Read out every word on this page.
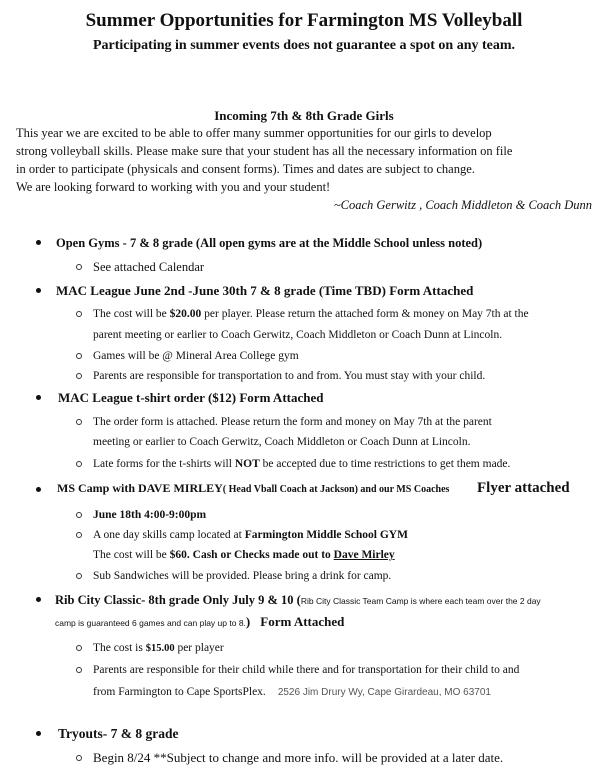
Summer Opportunities for Farmington MS Volleyball
Participating in summer events does not guarantee a spot on any team.
Incoming 7th & 8th Grade Girls
This year we are excited to be able to offer many summer opportunities for our girls to develop
strong volleyball skills. Please make sure that your student has all the necessary information on file
in order to participate (physicals and consent forms). Times and dates are subject to change.
We are looking forward to working with you and your student!
~Coach Gerwitz , Coach Middleton & Coach Dunn
Open Gyms - 7 & 8 grade (All open gyms are at the Middle School unless noted)
See attached Calendar
MAC League June 2nd -June 30th 7 & 8 grade (Time TBD) Form Attached
The cost will be $20.00 per player. Please return the attached form & money on May 7th at the
parent meeting or earlier to Coach Gerwitz, Coach Middleton or Coach Dunn at Lincoln.
Games will be @ Mineral Area College gym
Parents are responsible for transportation to and from. You must stay with your child.
MAC League t-shirt order ($12) Form Attached
The order form is attached. Please return the form and money on May 7th at the parent
meeting or earlier to Coach Gerwitz, Coach Middleton or Coach Dunn at Lincoln.
Late forms for the t-shirts will NOT be accepted due to time restrictions to get them made.
MS Camp with DAVE MIRLEY( Head Vball Coach at Jackson) and our MS Coaches Flyer attached
June 18th 4:00-9:00pm
A one day skills camp located at Farmington Middle School GYM
The cost will be $60. Cash or Checks made out to Dave Mirley
Sub Sandwiches will be provided. Please bring a drink for camp.
Rib City Classic- 8th grade Only July 9 & 10 (Rib City Classic Team Camp is where each team over the 2 day
camp is guaranteed 6 games and can play up to 8.) Form Attached
The cost is $15.00 per player
Parents are responsible for their child while there and for transportation for their child to and
from Farmington to Cape SportsPlex. 2526 Jim Drury Wy, Cape Girardeau, MO 63701
Tryouts- 7 & 8 grade
Begin 8/24 **Subject to change and more info. will be provided at a later date.
